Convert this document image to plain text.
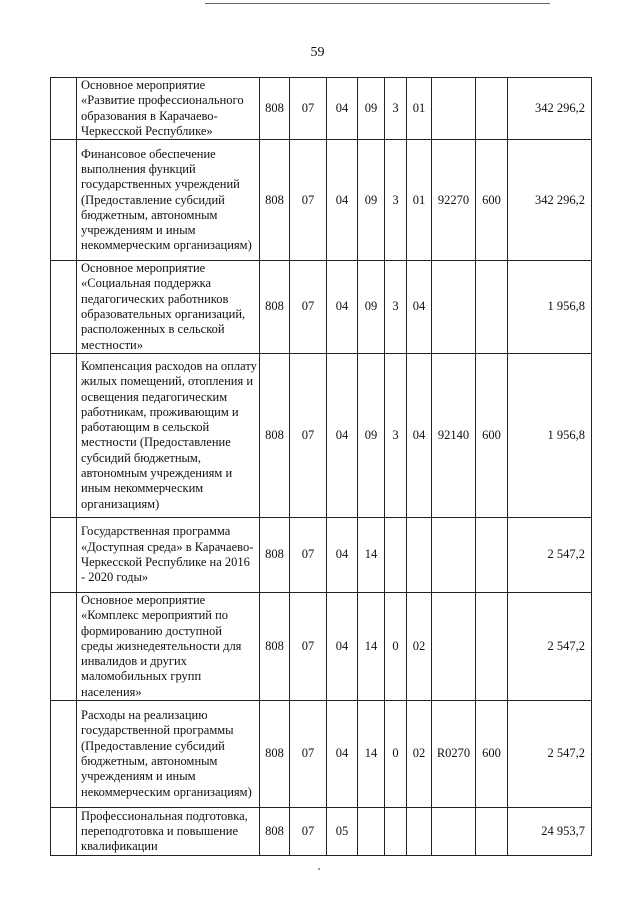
59
	Основное мероприятие «Развитие профессионального образования в Карачаево-Черкесской Республике»	808	07	04	09	3	01			342 296,2
	Финансовое обеспечение выполнения функций государственных учреждений (Предоставление субсидий бюджетным, автономным учреждениям и иным некоммерческим организациям)	808	07	04	09	3	01	92270	600	342 296,2
	Основное мероприятие «Социальная поддержка педагогических работников образовательных организаций, расположенных в сельской местности»	808	07	04	09	3	04			1 956,8
	Компенсация расходов на оплату жилых помещений, отопления и освещения педагогическим работникам, проживающим и работающим в сельской местности (Предоставление субсидий бюджетным, автономным учреждениям и иным некоммерческим организациям)	808	07	04	09	3	04	92140	600	1 956,8
	Государственная программа «Доступная среда» в Карачаево-Черкесской Республике на 2016 - 2020 годы»	808	07	04	14					2 547,2
	Основное мероприятие «Комплекс мероприятий по формированию доступной среды жизнедеятельности для инвалидов и других маломобильных групп населения»	808	07	04	14	0	02			2 547,2
	Расходы на реализацию государственной программы (Предоставление субсидий бюджетным, автономным учреждениям и иным некоммерческим организациям)	808	07	04	14	0	02	R0270	600	2 547,2
	Профессиональная подготовка, переподготовка и повышение квалификации	808	07	05						24 953,7
